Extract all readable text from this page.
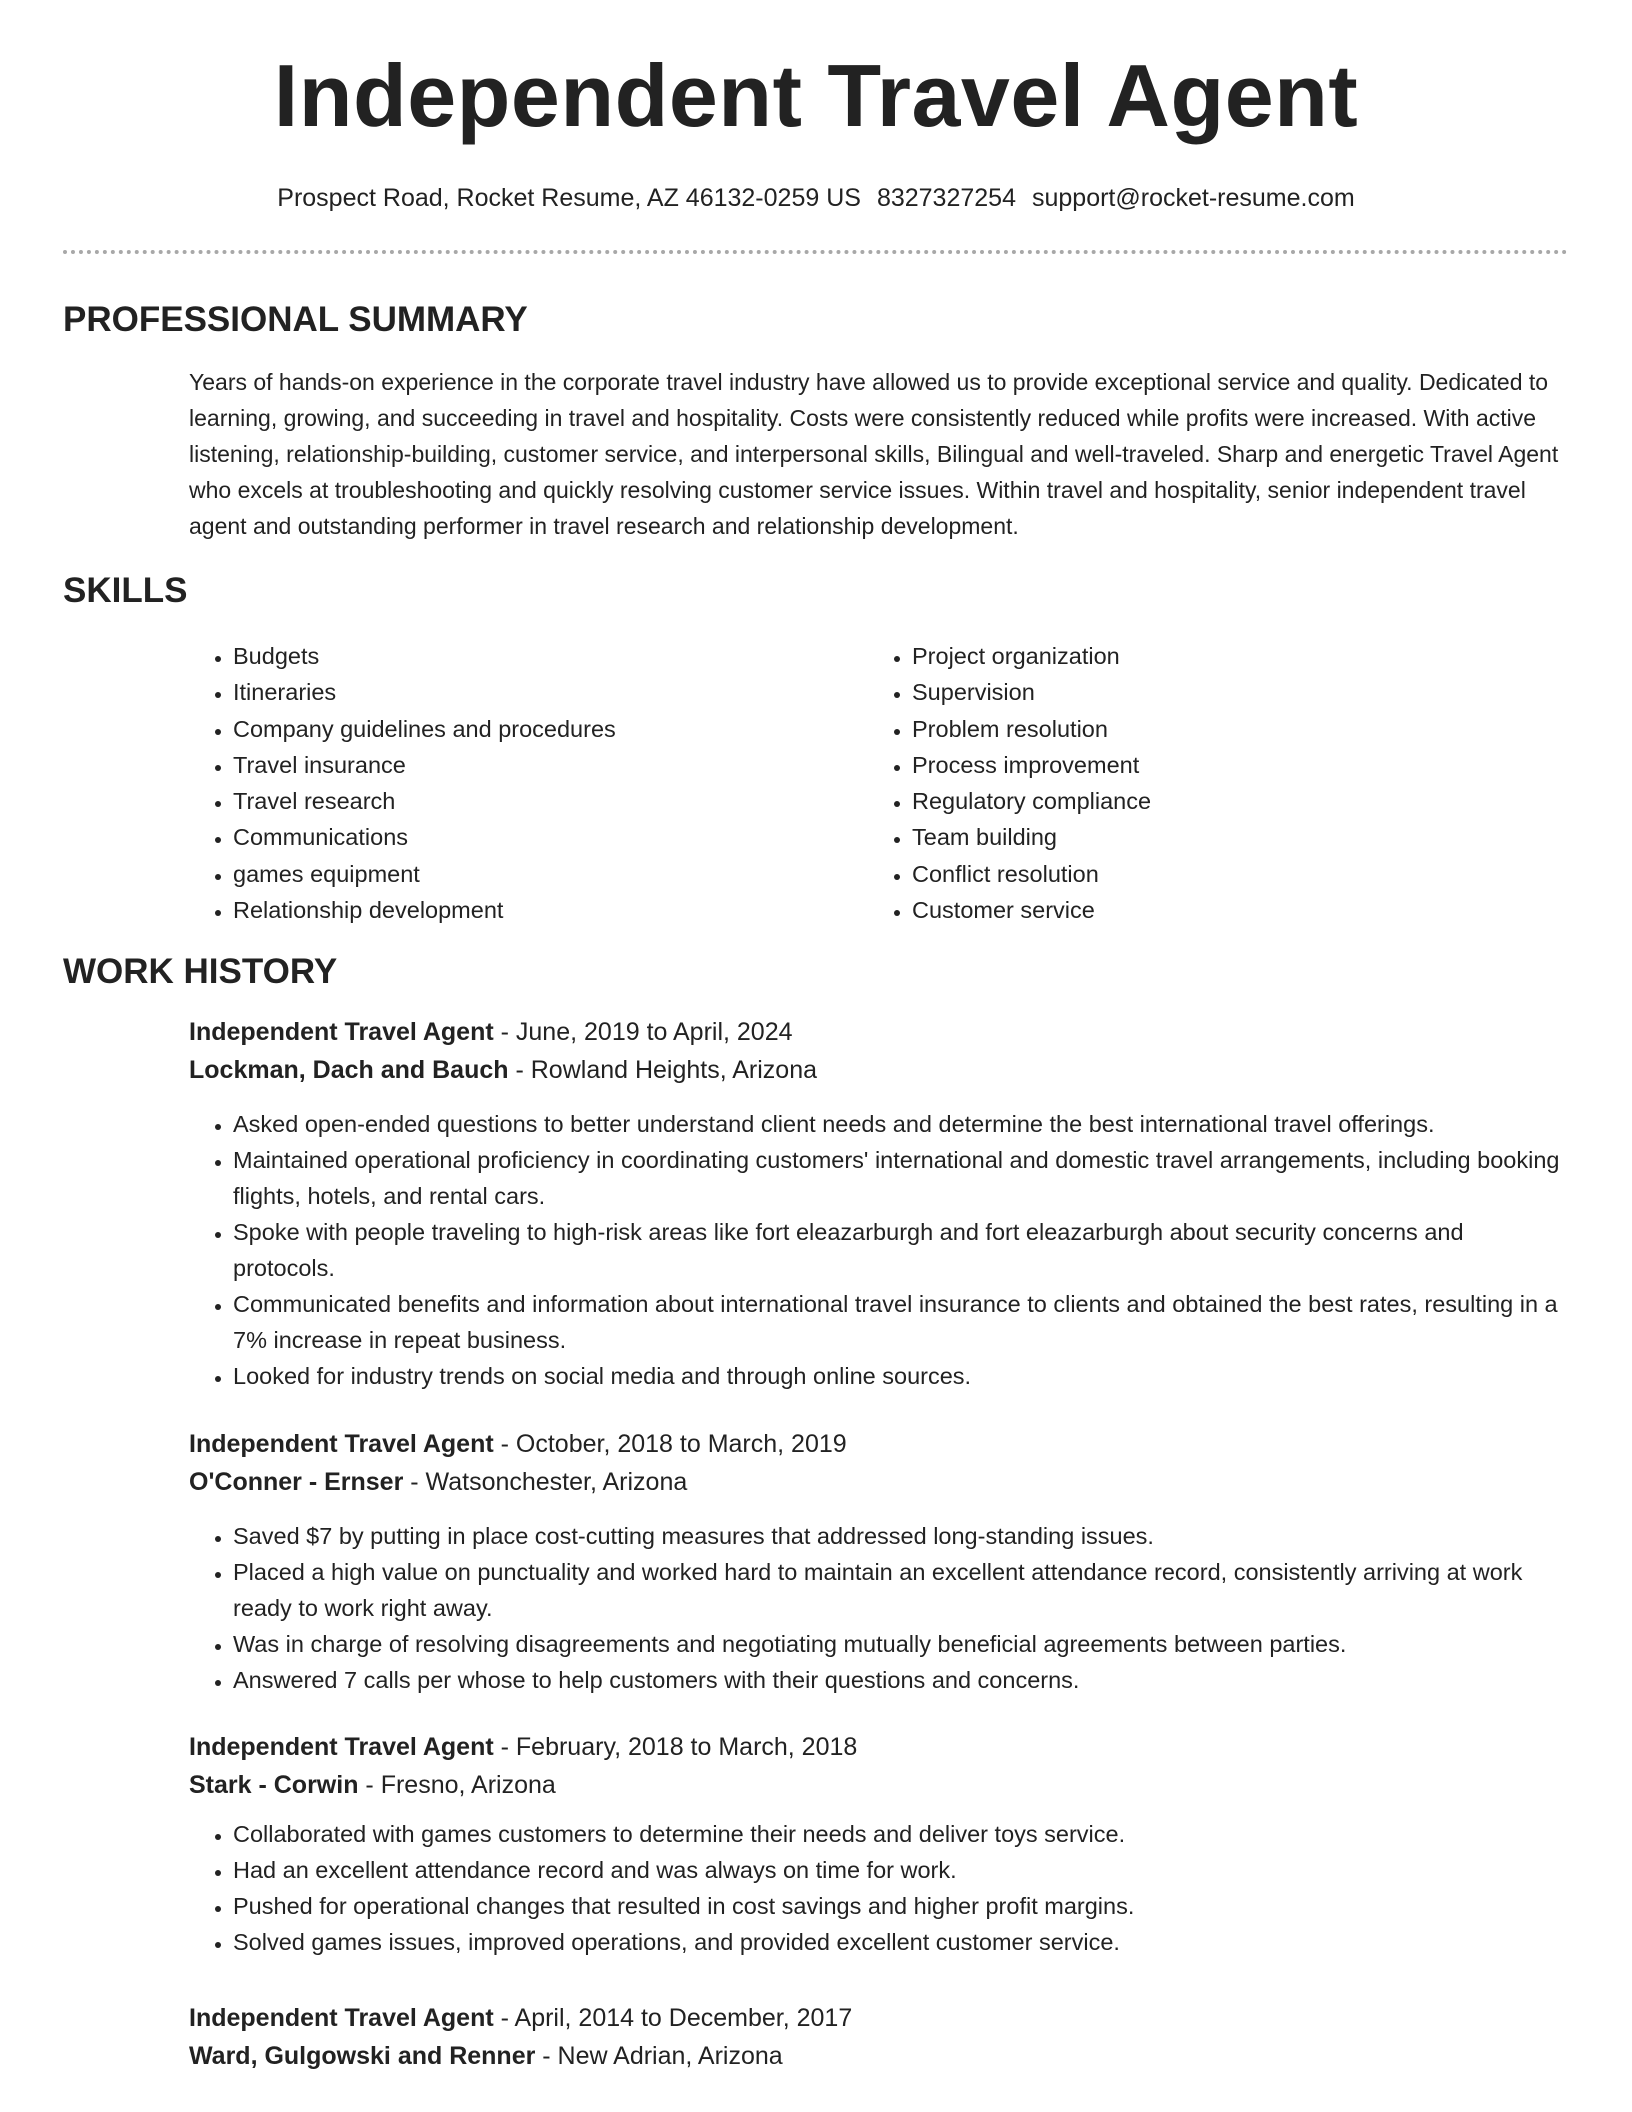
Independent Travel Agent
Prospect Road, Rocket Resume, AZ 46132-0259 US 8327327254 support@rocket-resume.com
PROFESSIONAL SUMMARY

Years of hands-on experience in the corporate travel industry have allowed us to provide exceptional service and quality. Dedicated to learning, growing, and succeeding in travel and hospitality. Costs were consistently reduced while profits were increased. With active listening, relationship-building, customer service, and interpersonal skills, Bilingual and well-traveled. Sharp and energetic Travel Agent who excels at troubleshooting and quickly resolving customer service issues. Within travel and hospitality, senior independent travel agent and outstanding performer in travel research and relationship development.

SKILLS
• Budgets
• Itineraries
• Company guidelines and procedures
• Travel insurance
• Travel research
• Communications
• games equipment
• Relationship development
• Project organization
• Supervision
• Problem resolution
• Process improvement
• Regulatory compliance
• Team building
• Conflict resolution
• Customer service
WORK HISTORY
Independent Travel Agent - June, 2019 to April, 2024
Lockman, Dach and Bauch - Rowland Heights, Arizona
• Asked open-ended questions to better understand client needs and determine the best international travel offerings.
• Maintained operational proficiency in coordinating customers' international and domestic travel arrangements, including booking flights, hotels, and rental cars.
• Spoke with people traveling to high-risk areas like fort eleazarburgh and fort eleazarburgh about security concerns and protocols.
• Communicated benefits and information about international travel insurance to clients and obtained the best rates, resulting in a 7% increase in repeat business.
• Looked for industry trends on social media and through online sources.
Independent Travel Agent - October, 2018 to March, 2019
O'Conner - Ernser - Watsonchester, Arizona
• Saved $7 by putting in place cost-cutting measures that addressed long-standing issues.
• Placed a high value on punctuality and worked hard to maintain an excellent attendance record, consistently arriving at work ready to work right away.
• Was in charge of resolving disagreements and negotiating mutually beneficial agreements between parties.
• Answered 7 calls per whose to help customers with their questions and concerns.
Independent Travel Agent - February, 2018 to March, 2018
Stark - Corwin - Fresno, Arizona
• Collaborated with games customers to determine their needs and deliver toys service.
• Had an excellent attendance record and was always on time for work.
• Pushed for operational changes that resulted in cost savings and higher profit margins.
• Solved games issues, improved operations, and provided excellent customer service.
Independent Travel Agent - April, 2014 to December, 2017
Ward, Gulgowski and Renner - New Adrian, Arizona
